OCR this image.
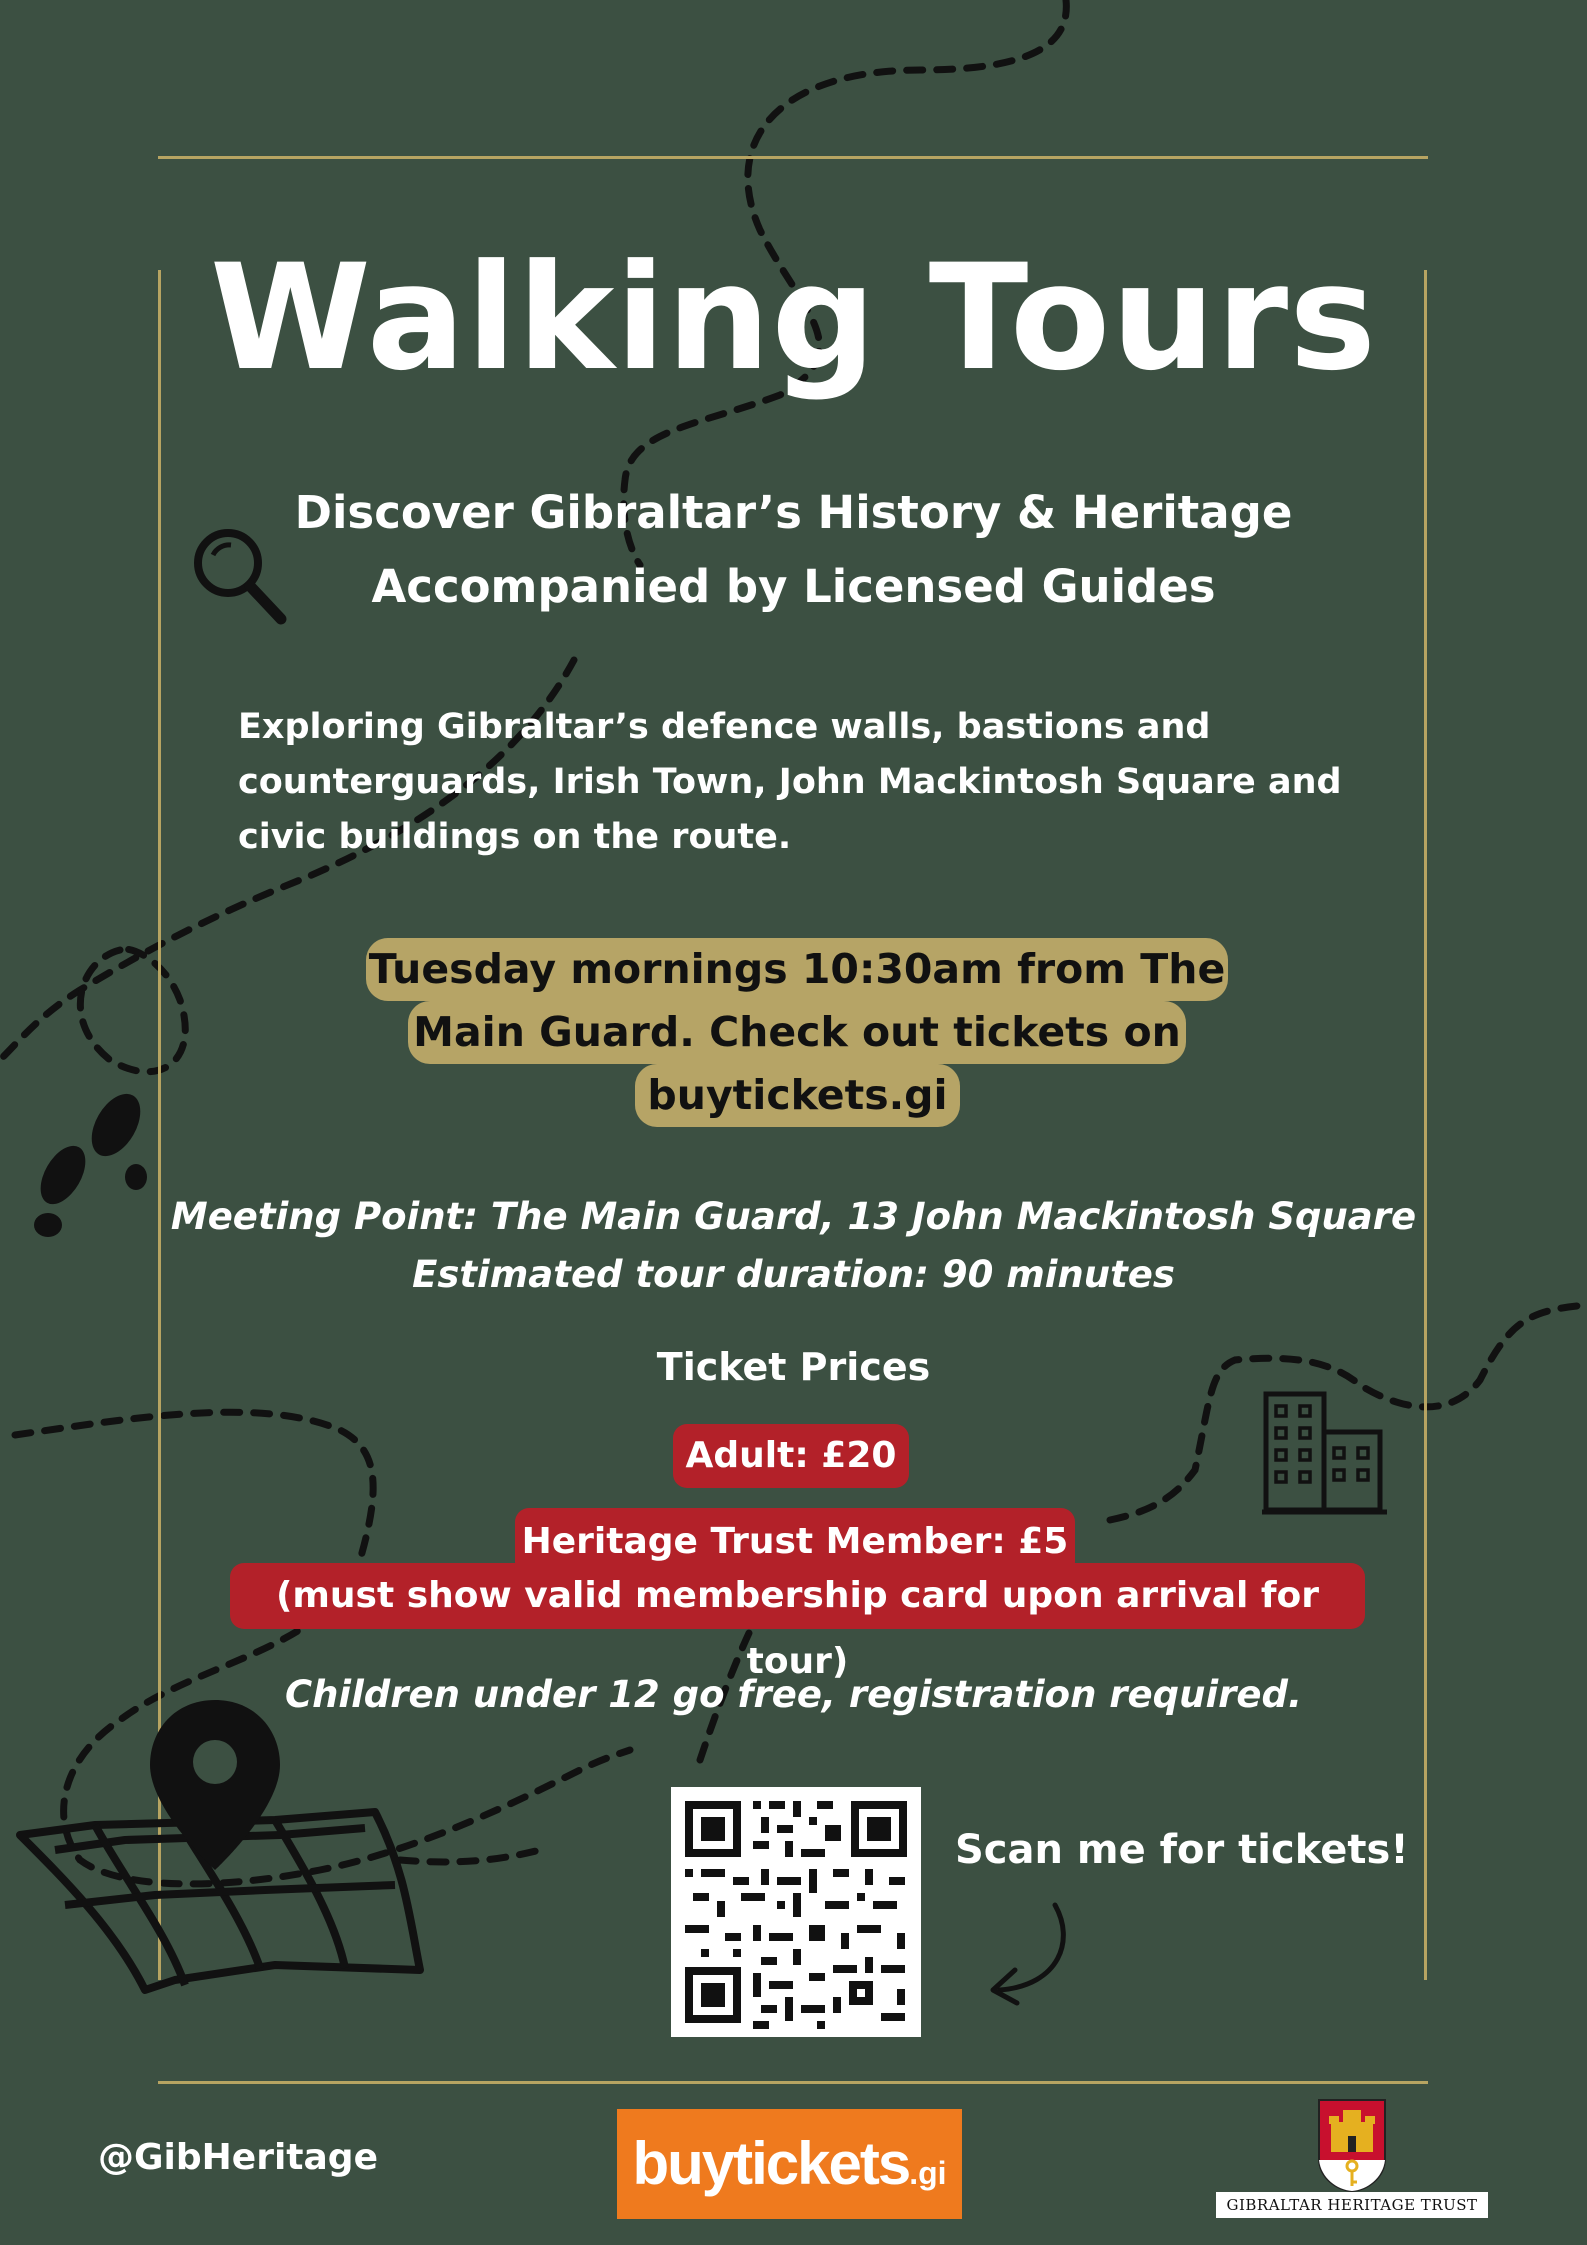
Walking Tours
Discover Gibraltar’s History & Heritage
Accompanied by Licensed Guides
Exploring Gibraltar’s defence walls, bastions and
counterguards, Irish Town, John Mackintosh Square and
civic buildings on the route.
Tuesday mornings 10:30am from The
Main Guard. Check out tickets on
buytickets.gi
Meeting Point: The Main Guard, 13 John Mackintosh Square
Estimated tour duration: 90 minutes
Ticket Prices
Adult: £20
Heritage Trust Member: £5
(must show valid membership card upon arrival for tour)
Children under 12 go free, registration required.
Scan me for tickets!
@GibHeritage	buytickets.gi
GIBRALTAR HERITAGE TRUST
